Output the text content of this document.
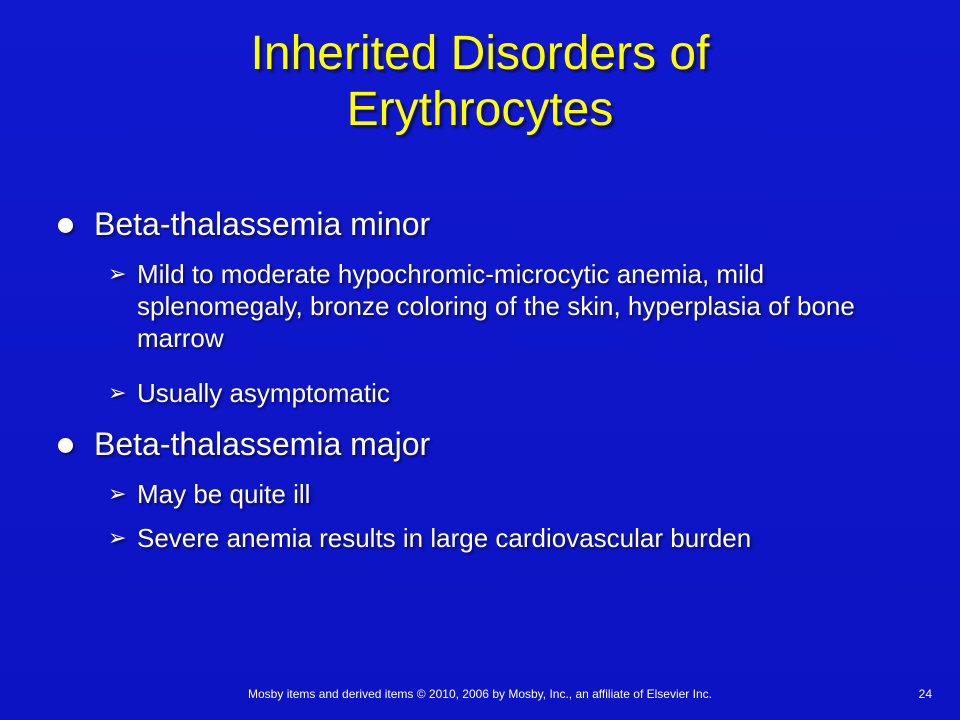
Inherited Disorders of
Erythrocytes
Beta-thalassemia minor
➢ Mild to moderate hypochromic-microcytic anemia, mild splenomegaly, bronze coloring of the skin, hyperplasia of bone marrow
➢ Usually asymptomatic
Beta-thalassemia major
➢ May be quite ill
➢ Severe anemia results in large cardiovascular burden
Mosby items and derived items © 2010, 2006 by Mosby, Inc., an affiliate of Elsevier Inc.	24
